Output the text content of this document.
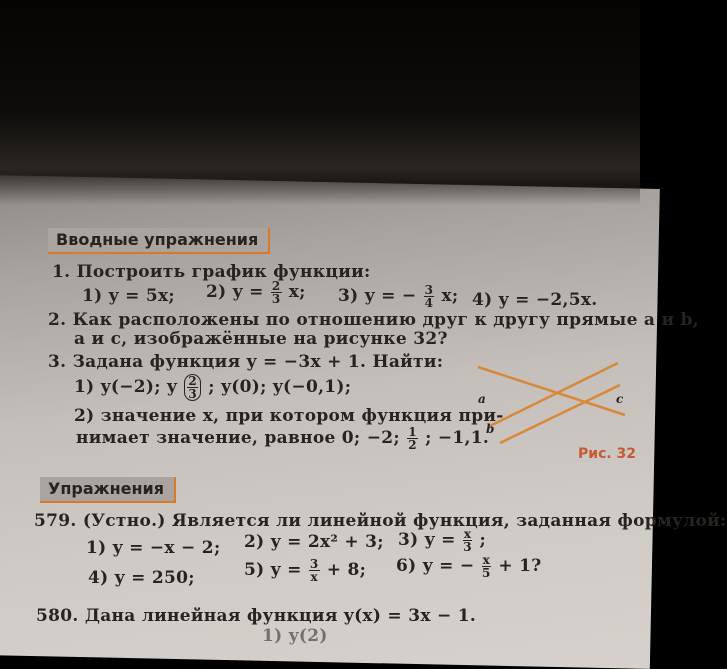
Вводные упражнения
1. Построить график функции:
1) y = 5x; 2) $y = \frac{2}{3} x$; 3) y = − $\frac{3}{4} x$; 4) y = −2,5x.
2. Как расположены по отношению друг к другу прямые a и b,
a и c, изображённые на рисунке 32?
3. Задана функция y = −3x + 1. Найти:
1) y(−2); y $\frac{2}{3}$ ; y(0); y(−0,1);
2) значение x, при котором функция при-
нимает значение, равное 0; −2; $\frac{1}{2}$ ; −1,1.
a
b
c
Рис. 32
Упражнения
579. (Устно.) Является ли линейной функция, заданная формулой:
1) y = −x − 2; 2) y = 2x² + 3; 3) $y = \frac{x}{3}$ ;
4) y = 250;	5) $y = \frac{3}{x} + 8$; 6) y = − $\frac{x}{5} + 1$?
580. Дана линейная функция y(x) = 3x − 1.
1) y(2)
